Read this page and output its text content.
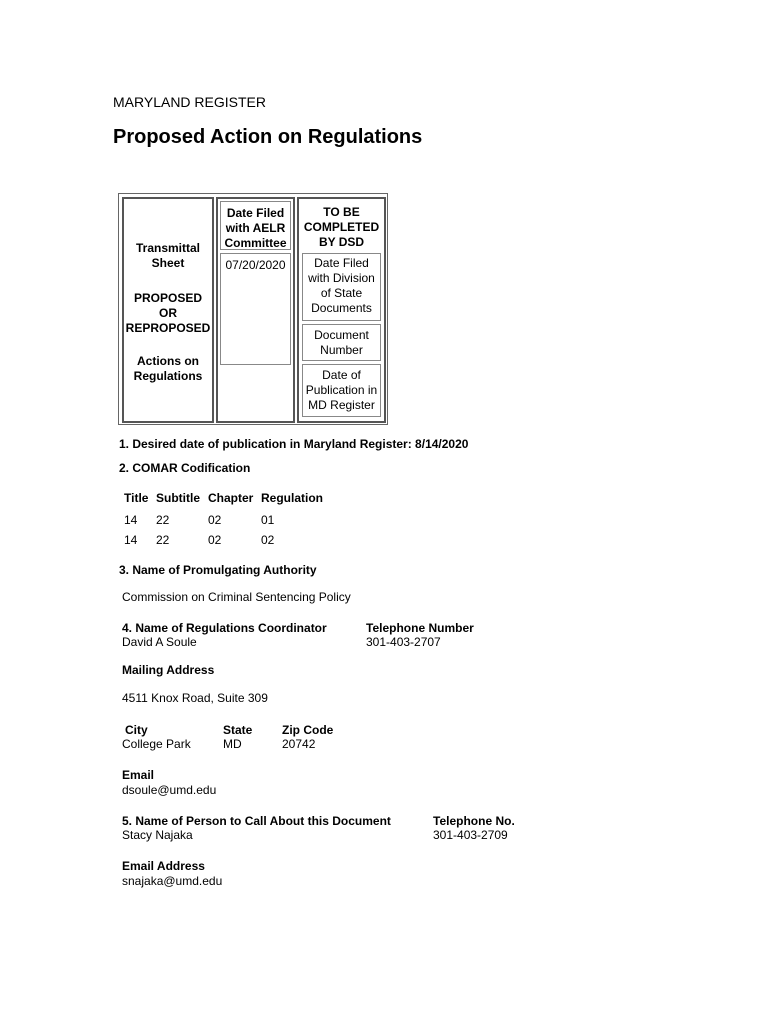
MARYLAND REGISTER
Proposed Action on Regulations
Transmittal
Sheet
PROPOSED
OR
REPROPOSED
Actions on
Regulations
Date Filed
with AELR
Committee
07/20/2020
TO BE
COMPLETED
BY DSD
Date Filed
with Division
of State
Documents
Document
Number
Date of
Publication in
MD Register
1. Desired date of publication in Maryland Register: 8/14/2020
2. COMAR Codification
Title Subtitle Chapter Regulation
14 22	02	01
14 22	02	02
3. Name of Promulgating Authority
Commission on Criminal Sentencing Policy
4. Name of Regulations Coordinator
David A Soule
Telephone Number
301-403-2707
Mailing Address
4511 Knox Road, Suite 309
City
College Park
State
MD
Zip Code
20742
Email
dsoule@umd.edu
5. Name of Person to Call About this Document
Stacy Najaka
Telephone No.
301-403-2709
Email Address
snajaka@umd.edu
